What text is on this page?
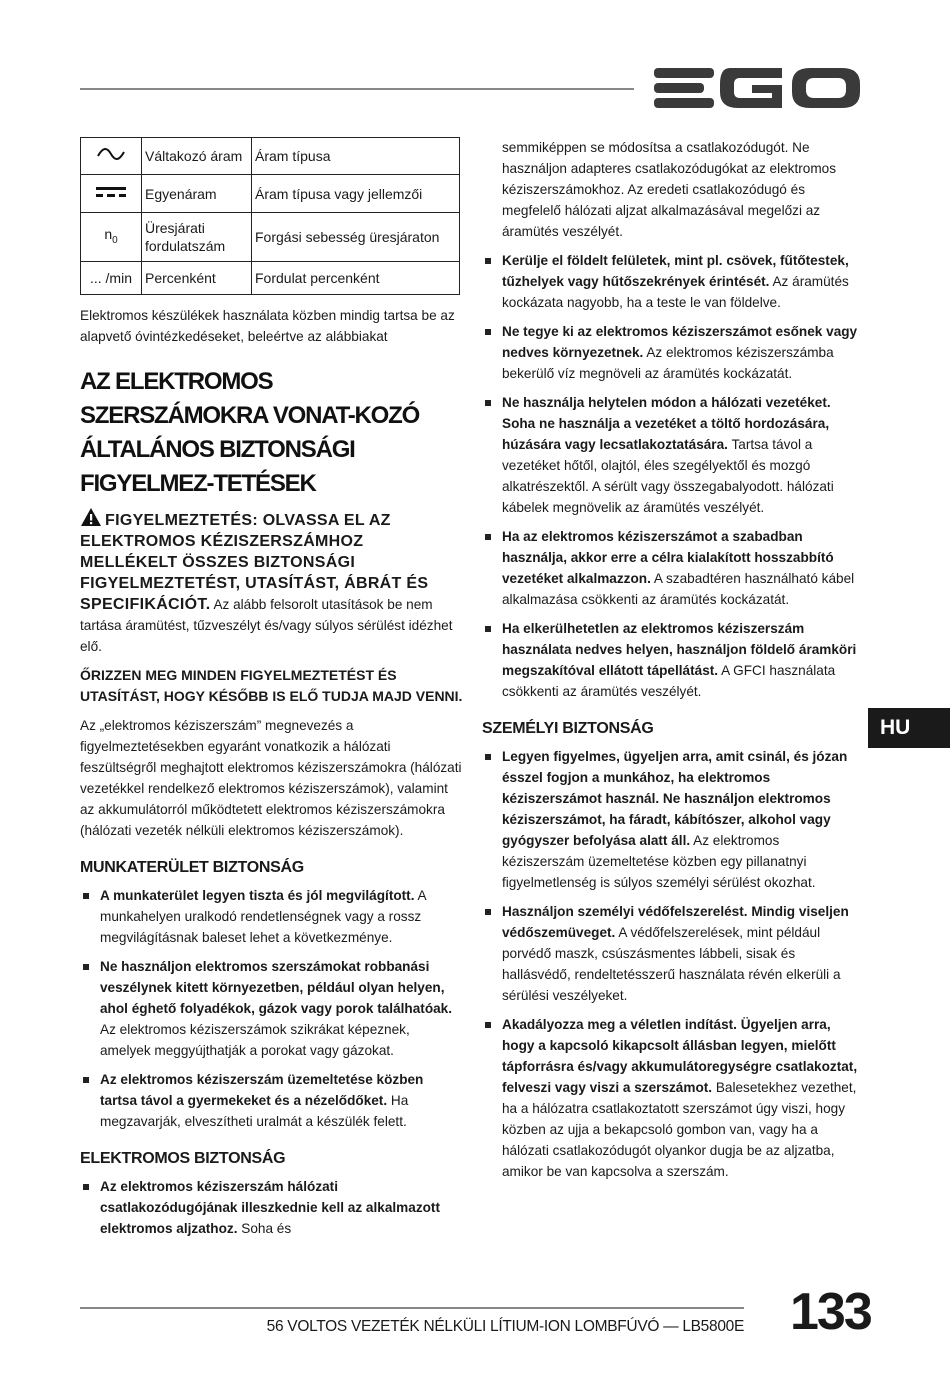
	Váltakozó áram	Áram típusa
	Egyenáram	Áram típusa vagy jellemzői
$n_0$	Üresjárati fordulatszám	Forgási sebesség üresjáraton
... /min	Percenként	Fordulat percenként

Elektromos készülékek használata közben mindig tartsa be az alapvető óvintézkedéseket, beleértve az alábbiakat

AZ ELEKTROMOS SZERSZÁMOKRA VONAT-KOZÓ ÁLTALÁNOS BIZTONSÁGI FIGYELMEZ-TETÉSEK

FIGYELMEZTETÉS: OLVASSA EL AZ ELEKTROMOS KÉZISZERSZÁMHOZ MELLÉKELT ÖSSZES BIZTONSÁGI FIGYELMEZTETÉST, UTASÍTÁST, ÁBRÁT ÉS SPECIFIKÁCIÓT. Az alább felsorolt utasítások be nem tartása áramütést, tűzveszélyt és/vagy súlyos sérülést idézhet elő.

ŐRIZZEN MEG MINDEN FIGYELMEZTETÉST ÉS UTASÍTÁST, HOGY KÉSŐBB IS ELŐ TUDJA MAJD VENNI.

Az „elektromos kéziszerszám” megnevezés a figyelmeztetésekben egyaránt vonatkozik a hálózati feszültségről meghajtott elektromos kéziszerszámokra (hálózati vezetékkel rendelkező elektromos kéziszerszámok), valamint az akkumulátorról működtetett elektromos kéziszerszámokra (hálózati vezeték nélküli elektromos kéziszerszámok).

MUNKATERÜLET BIZTONSÁG
A munkaterület legyen tiszta és jól megvilágított. A munkahelyen uralkodó rendetlenségnek vagy a rossz megvilágításnak baleset lehet a következménye.
Ne használjon elektromos szerszámokat robbanási veszélynek kitett környezetben, például olyan helyen, ahol éghető folyadékok, gázok vagy porok találhatóak. Az elektromos kéziszerszámok szikrákat képeznek, amelyek meggyújthatják a porokat vagy gázokat.
Az elektromos kéziszerszám üzemeltetése közben tartsa távol a gyermekeket és a nézelődőket. Ha megzavarják, elveszítheti uralmát a készülék felett.
ELEKTROMOS BIZTONSÁG
Az elektromos kéziszerszám hálózati csatlakozódugójának illeszkednie kell az alkalmazott elektromos aljzathoz. Soha és

semmiképpen se módosítsa a csatlakozódugót. Ne használjon adapteres csatlakozódugókat az elektromos kéziszerszámokhoz. Az eredeti csatlakozódugó és megfelelő hálózati aljzat alkalmazásával megelőzi az áramütés veszélyét.

Kerülje el földelt felületek, mint pl. csövek, fűtőtestek, tűzhelyek vagy hűtőszekrények érintését. Az áramütés kockázata nagyobb, ha a teste le van földelve.
Ne tegye ki az elektromos kéziszerszámot esőnek vagy nedves környezetnek. Az elektromos kéziszerszámba bekerülő víz megnöveli az áramütés kockázatát.
Ne használja helytelen módon a hálózati vezetéket. Soha ne használja a vezetéket a töltő hordozására, húzására vagy lecsatlakoztatására. Tartsa távol a vezetéket hőtől, olajtól, éles szegélyektől és mozgó alkatrészektől. A sérült vagy összegabalyodott. hálózati kábelek megnövelik az áramütés veszélyét.
Ha az elektromos kéziszerszámot a szabadban használja, akkor erre a célra kialakított hosszabbító vezetéket alkalmazzon. A szabadtéren használható kábel alkalmazása csökkenti az áramütés kockázatát.
Ha elkerülhetetlen az elektromos kéziszerszám használata nedves helyen, használjon földelő áramköri megszakítóval ellátott tápellátást. A GFCI használata csökkenti az áramütés veszélyét.
SZEMÉLYI BIZTONSÁG
Legyen figyelmes, ügyeljen arra, amit csinál, és józan ésszel fogjon a munkához, ha elektromos kéziszerszámot használ. Ne használjon elektromos kéziszerszámot, ha fáradt, kábítószer, alkohol vagy gyógyszer befolyása alatt áll. Az elektromos kéziszerszám üzemeltetése közben egy pillanatnyi figyelmetlenség is súlyos személyi sérülést okozhat.
Használjon személyi védőfelszerelést. Mindig viseljen védőszemüveget. A védőfelszerelések, mint például porvédő maszk, csúszásmentes lábbeli, sisak és hallásvédő, rendeltetésszerű használata révén elkerüli a sérülési veszélyeket.
Akadályozza meg a véletlen indítást. Ügyeljen arra, hogy a kapcsoló kikapcsolt állásban legyen, mielőtt tápforrásra és/vagy akkumulátoregységre csatlakoztat, felveszi vagy viszi a szerszámot. Balesetekhez vezethet, ha a hálózatra csatlakoztatott szerszámot úgy viszi, hogy közben az ujja a bekapcsoló gombon van, vagy ha a hálózati csatlakozódugót olyankor dugja be az aljzatba, amikor be van kapcsolva a szerszám.
HU
56 VOLTOS VEZETÉK NÉLKÜLI LÍTIUM-ION LOMBFÚVÓ — LB5800E 133
